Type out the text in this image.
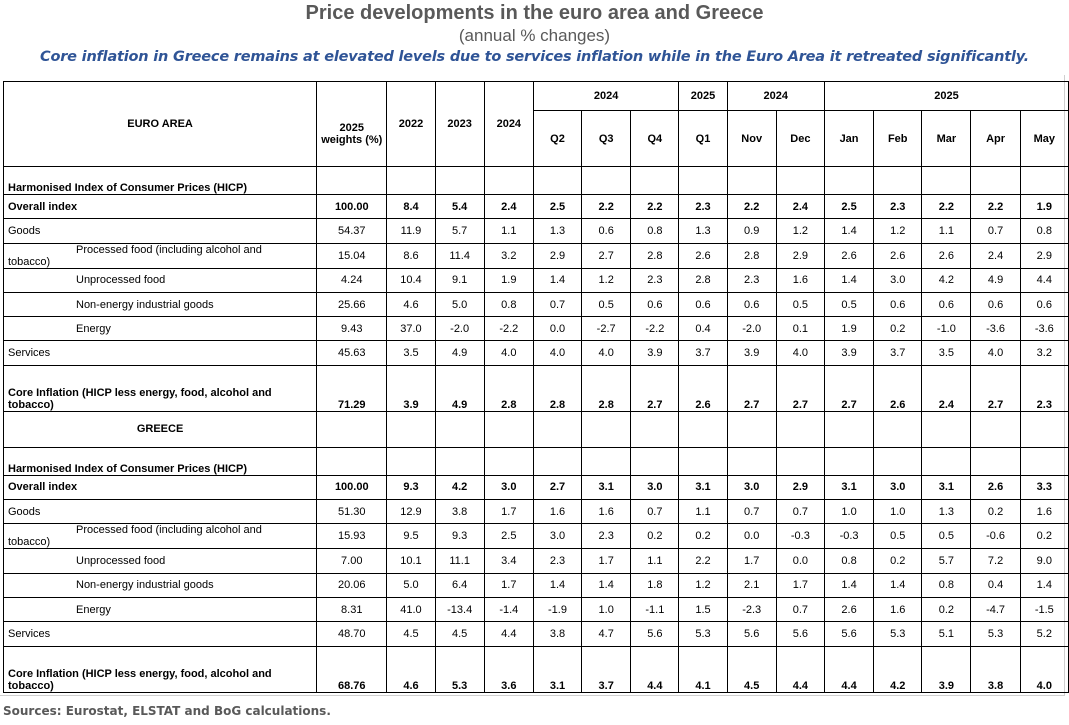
Price developments in the euro area and Greece
(annual % changes)
Core inflation in Greece remains at elevated levels due to services inflation while in the Euro Area it retreated significantly.
EURO AREA	2025 weights (%)	2022	2023	2024	2024			2025	2024		2025				
					Q2	Q3	Q4	Q1	Nov	Dec	Jan	Feb	Mar	Apr	May
Harmonised Index of Consumer Prices (HICP)															
Overall index	100.00	8.4	5.4	2.4	2.5	2.2	2.2	2.3	2.2	2.4	2.5	2.3	2.2	2.2	1.9
Goods	54.37	11.9	5.7	1.1	1.3	0.6	0.8	1.3	0.9	1.2	1.4	1.2	1.1	0.7	0.8

Processed food (including alcohol and
tobacco)	15.04	8.6	11.4	3.2	2.9	2.7	2.8	2.6	2.8	2.9	2.6	2.6	2.6	2.4	2.9
Unprocessed food	4.24	10.4	9.1	1.9	1.4	1.2	2.3	2.8	2.3	1.6	1.4	3.0	4.2	4.9	4.4
Non-energy industrial goods	25.66	4.6	5.0	0.8	0.7	0.5	0.6	0.6	0.6	0.5	0.5	0.6	0.6	0.6	0.6
Energy	9.43	37.0	-2.0	-2.2	0.0	-2.7	-2.2	0.4	-2.0	0.1	1.9	0.2	-1.0	-3.6	-3.6
Services	45.63	3.5	4.9	4.0	4.0	4.0	3.9	3.7	3.9	4.0	3.9	3.7	3.5	4.0	3.2

Core Inflation (HICP less energy, food, alcohol and
tobacco)	71.29	3.9	4.9	2.8	2.8	2.8	2.7	2.6	2.7	2.7	2.7	2.6	2.4	2.7	2.3
GREECE															
Harmonised Index of Consumer Prices (HICP)															
Overall index	100.00	9.3	4.2	3.0	2.7	3.1	3.0	3.1	3.0	2.9	3.1	3.0	3.1	2.6	3.3
Goods	51.30	12.9	3.8	1.7	1.6	1.6	0.7	1.1	0.7	0.7	1.0	1.0	1.3	0.2	1.6

Processed food (including alcohol and
tobacco)	15.93	9.5	9.3	2.5	3.0	2.3	0.2	0.2	0.0	-0.3	-0.3	0.5	0.5	-0.6	0.2
Unprocessed food	7.00	10.1	11.1	3.4	2.3	1.7	1.1	2.2	1.7	0.0	0.8	0.2	5.7	7.2	9.0
Non-energy industrial goods	20.06	5.0	6.4	1.7	1.4	1.4	1.8	1.2	2.1	1.7	1.4	1.4	0.8	0.4	1.4
Energy	8.31	41.0	-13.4	-1.4	-1.9	1.0	-1.1	1.5	-2.3	0.7	2.6	1.6	0.2	-4.7	-1.5
Services	48.70	4.5	4.5	4.4	3.8	4.7	5.6	5.3	5.6	5.6	5.6	5.3	5.1	5.3	5.2

Core Inflation (HICP less energy, food, alcohol and
tobacco)	68.76	4.6	5.3	3.6	3.1	3.7	4.4	4.1	4.5	4.4	4.4	4.2	3.9	3.8	4.0
Sources: Eurostat, ELSTAT and BoG calculations.
